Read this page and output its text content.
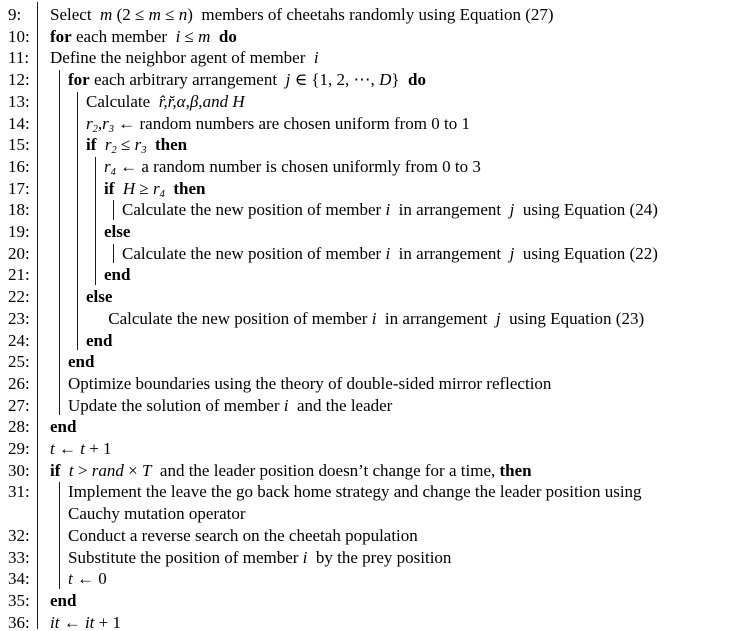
9: Select  m (2 ≤ m ≤ n)  members of cheetahs randomly using Equation (27)
10: for each member  i ≤ m do
11: Define the neighbor agent of member  i
12: for each arbitrary arrangement  j ∈ {1, 2, ⋯, D}  do
13:	Calculate  r̂,r̆,α,β,and H
14:	r2,r3 ← random numbers are chosen uniform from 0 to 1
15:	if r2 ≤ r3 then
16:	r4 ← a random number is chosen uniformly from 0 to 3
17:	if H ≥ r4 then
18:	Calculate the new position of member i  in arrangement  j  using Equation (24)
19:	else
20:	Calculate the new position of member i  in arrangement  j  using Equation (22)
21:	end
22:	else
23:	Calculate the new position of member i  in arrangement  j  using Equation (23)
24:	end
25: end
26: Optimize boundaries using the theory of double-sided mirror reflection
27: Update the solution of member i  and the leader
28: end
29: t ← t + 1
30: if t > rand × T  and the leader position doesn’t change for a time, then
31: Implement the leave the go back home strategy and change the leader position using
Cauchy mutation operator
32: Conduct a reverse search on the cheetah population
33: Substitute the position of member i  by the prey position
34: t ← 0
35: end
36: it ← it + 1
